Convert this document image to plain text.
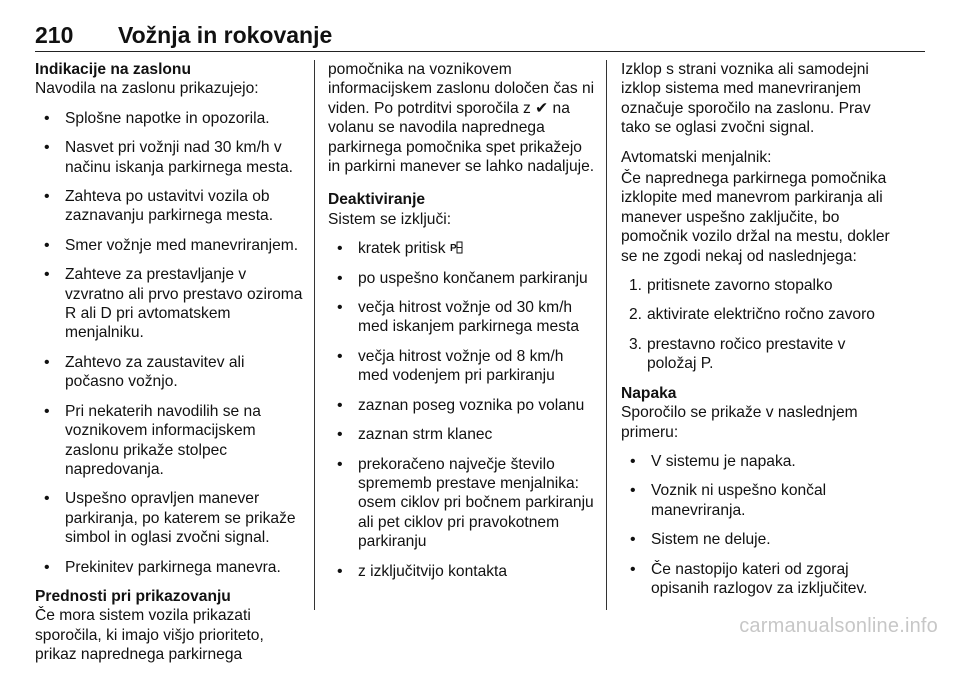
210 Vožnja in rokovanje
Indikacije na zaslonu

Navodila na zaslonu prikazujejo:

• Splošne napotke in opozorila.
• Nasvet pri vožnji nad 30 km/h v načinu iskanja parkirnega mesta.
• Zahteva po ustavitvi vozila ob zaznavanju parkirnega mesta.
• Smer vožnje med manevriranjem.
• Zahteve za prestavljanje v vzvratno ali prvo prestavo oziroma R ali D pri avtomatskem menjalniku.
• Zahtevo za zaustavitev ali počasno vožnjo.
• Pri nekaterih navodilih se na voznikovem informacijskem zaslonu prikaže stolpec napredovanja.
• Uspešno opravljen manever parkiranja, po katerem se prikaže simbol in oglasi zvočni signal.
• Prekinitev parkirnega manevra.
Prednosti pri prikazovanju

Če mora sistem vozila prikazati sporočila, ki imajo višjo prioriteto, prikaz naprednega parkirnega

pomočnika na voznikovem informacijskem zaslonu določen čas ni viden. Po potrditvi sporočila z ✔ na volanu se navodila naprednega parkirnega pomočnika spet prikažejo in parkirni manever se lahko nadaljuje.

Deaktiviranje

Sistem se izključi:

• kratek pritisk P
• po uspešno končanem parkiranju
• večja hitrost vožnje od 30 km/h med iskanjem parkirnega mesta
• večja hitrost vožnje od 8 km/h med vodenjem pri parkiranju
• zaznan poseg voznika po volanu
• zaznan strm klanec
• prekoračeno največje število sprememb prestave menjalnika: osem ciklov pri bočnem parkiranju ali pet ciklov pri pravokotnem parkiranju
• z izključitvijo kontakta

Izklop s strani voznika ali samodejni izklop sistema med manevriranjem označuje sporočilo na zaslonu. Prav tako se oglasi zvočni signal.

Avtomatski menjalnik:

Če naprednega parkirnega pomočnika izklopite med manevrom parkiranja ali manever uspešno zaključite, bo pomočnik vozilo držal na mestu, dokler se ne zgodi nekaj od naslednjega:

1. pritisnete zavorno stopalko
2. aktivirate električno ročno zavoro
3. prestavno ročico prestavite v položaj P.
Napaka

Sporočilo se prikaže v naslednjem primeru:

• V sistemu je napaka.
• Voznik ni uspešno končal manevriranja.
• Sistem ne deluje.
• Če nastopijo kateri od zgoraj opisanih razlogov za izključitev.
carmanualsonline.info
